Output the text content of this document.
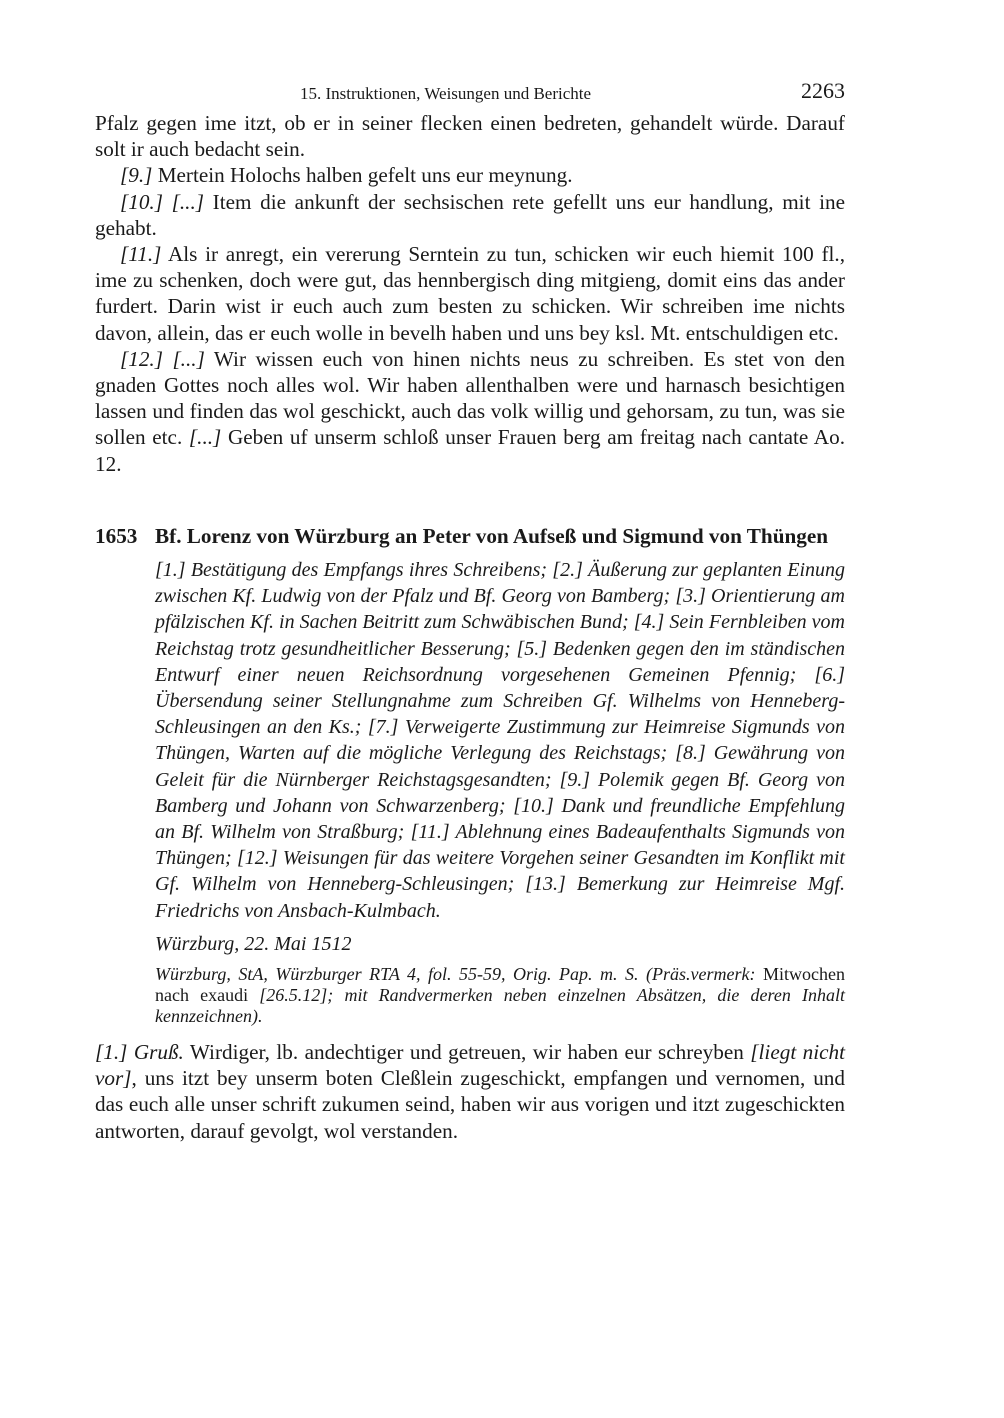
15. Instruktionen, Weisungen und Berichte	2263

Pfalz gegen ime itzt, ob er in seiner flecken einen bedreten, gehandelt würde. Darauf solt ir auch bedacht sein.

[9.] Mertein Holochs halben gefelt uns eur meynung.

[10.] [...] Item die ankunft der sechsischen rete gefellt uns eur handlung, mit ine gehabt.

[11.] Als ir anregt, ein vererung Serntein zu tun, schicken wir euch hiemit 100 fl., ime zu schenken, doch were gut, das hennbergisch ding mitgieng, domit eins das ander furdert. Darin wist ir euch auch zum besten zu schicken. Wir schreiben ime nichts davon, allein, das er euch wolle in bevelh haben und uns bey ksl. Mt. entschuldigen etc.

[12.] [...] Wir wissen euch von hinen nichts neus zu schreiben. Es stet von den gnaden Gottes noch alles wol. Wir haben allenthalben were und harnasch besichtigen lassen und finden das wol geschickt, auch das volk willig und gehorsam, zu tun, was sie sollen etc. [...] Geben uf unserm schloß unser Frauen berg am freitag nach cantate Ao. 12.

1653 Bf. Lorenz von Würzburg an Peter von Aufseß und Sigmund von Thüngen

[1.] Bestätigung des Empfangs ihres Schreibens; [2.] Äußerung zur geplanten Einung zwischen Kf. Ludwig von der Pfalz und Bf. Georg von Bamberg; [3.] Orientierung am pfälzischen Kf. in Sachen Beitritt zum Schwäbischen Bund; [4.] Sein Fernbleiben vom Reichstag trotz gesundheitlicher Besserung; [5.] Bedenken gegen den im ständischen Entwurf einer neuen Reichsordnung vorgesehenen Gemeinen Pfennig; [6.] Übersendung seiner Stellungnahme zum Schreiben Gf. Wilhelms von Henneberg-Schleusingen an den Ks.; [7.] Verweigerte Zustimmung zur Heimreise Sigmunds von Thüngen, Warten auf die mögliche Verlegung des Reichstags; [8.] Gewährung von Geleit für die Nürnberger Reichstagsgesandten; [9.] Polemik gegen Bf. Georg von Bamberg und Johann von Schwarzenberg; [10.] Dank und freundliche Empfehlung an Bf. Wilhelm von Straßburg; [11.] Ablehnung eines Badeaufenthalts Sigmunds von Thüngen; [12.] Weisungen für das weitere Vorgehen seiner Gesandten im Konflikt mit Gf. Wilhelm von Henneberg-Schleusingen; [13.] Bemerkung zur Heimreise Mgf. Friedrichs von Ansbach-Kulmbach.

Würzburg, 22. Mai 1512

Würzburg, StA, Würzburger RTA 4, fol. 55-59, Orig. Pap. m. S. (Präs.vermerk: Mitwochen nach exaudi [26.5.12]; mit Randvermerken neben einzelnen Absätzen, die deren Inhalt kennzeichnen).

[1.] Gruß. Wirdiger, lb. andechtiger und getreuen, wir haben eur schreyben [liegt nicht vor], uns itzt bey unserm boten Cleßlein zugeschickt, empfangen und vernomen, und das euch alle unser schrift zukumen seind, haben wir aus vorigen und itzt zugeschickten antworten, darauf gevolgt, wol verstanden.
